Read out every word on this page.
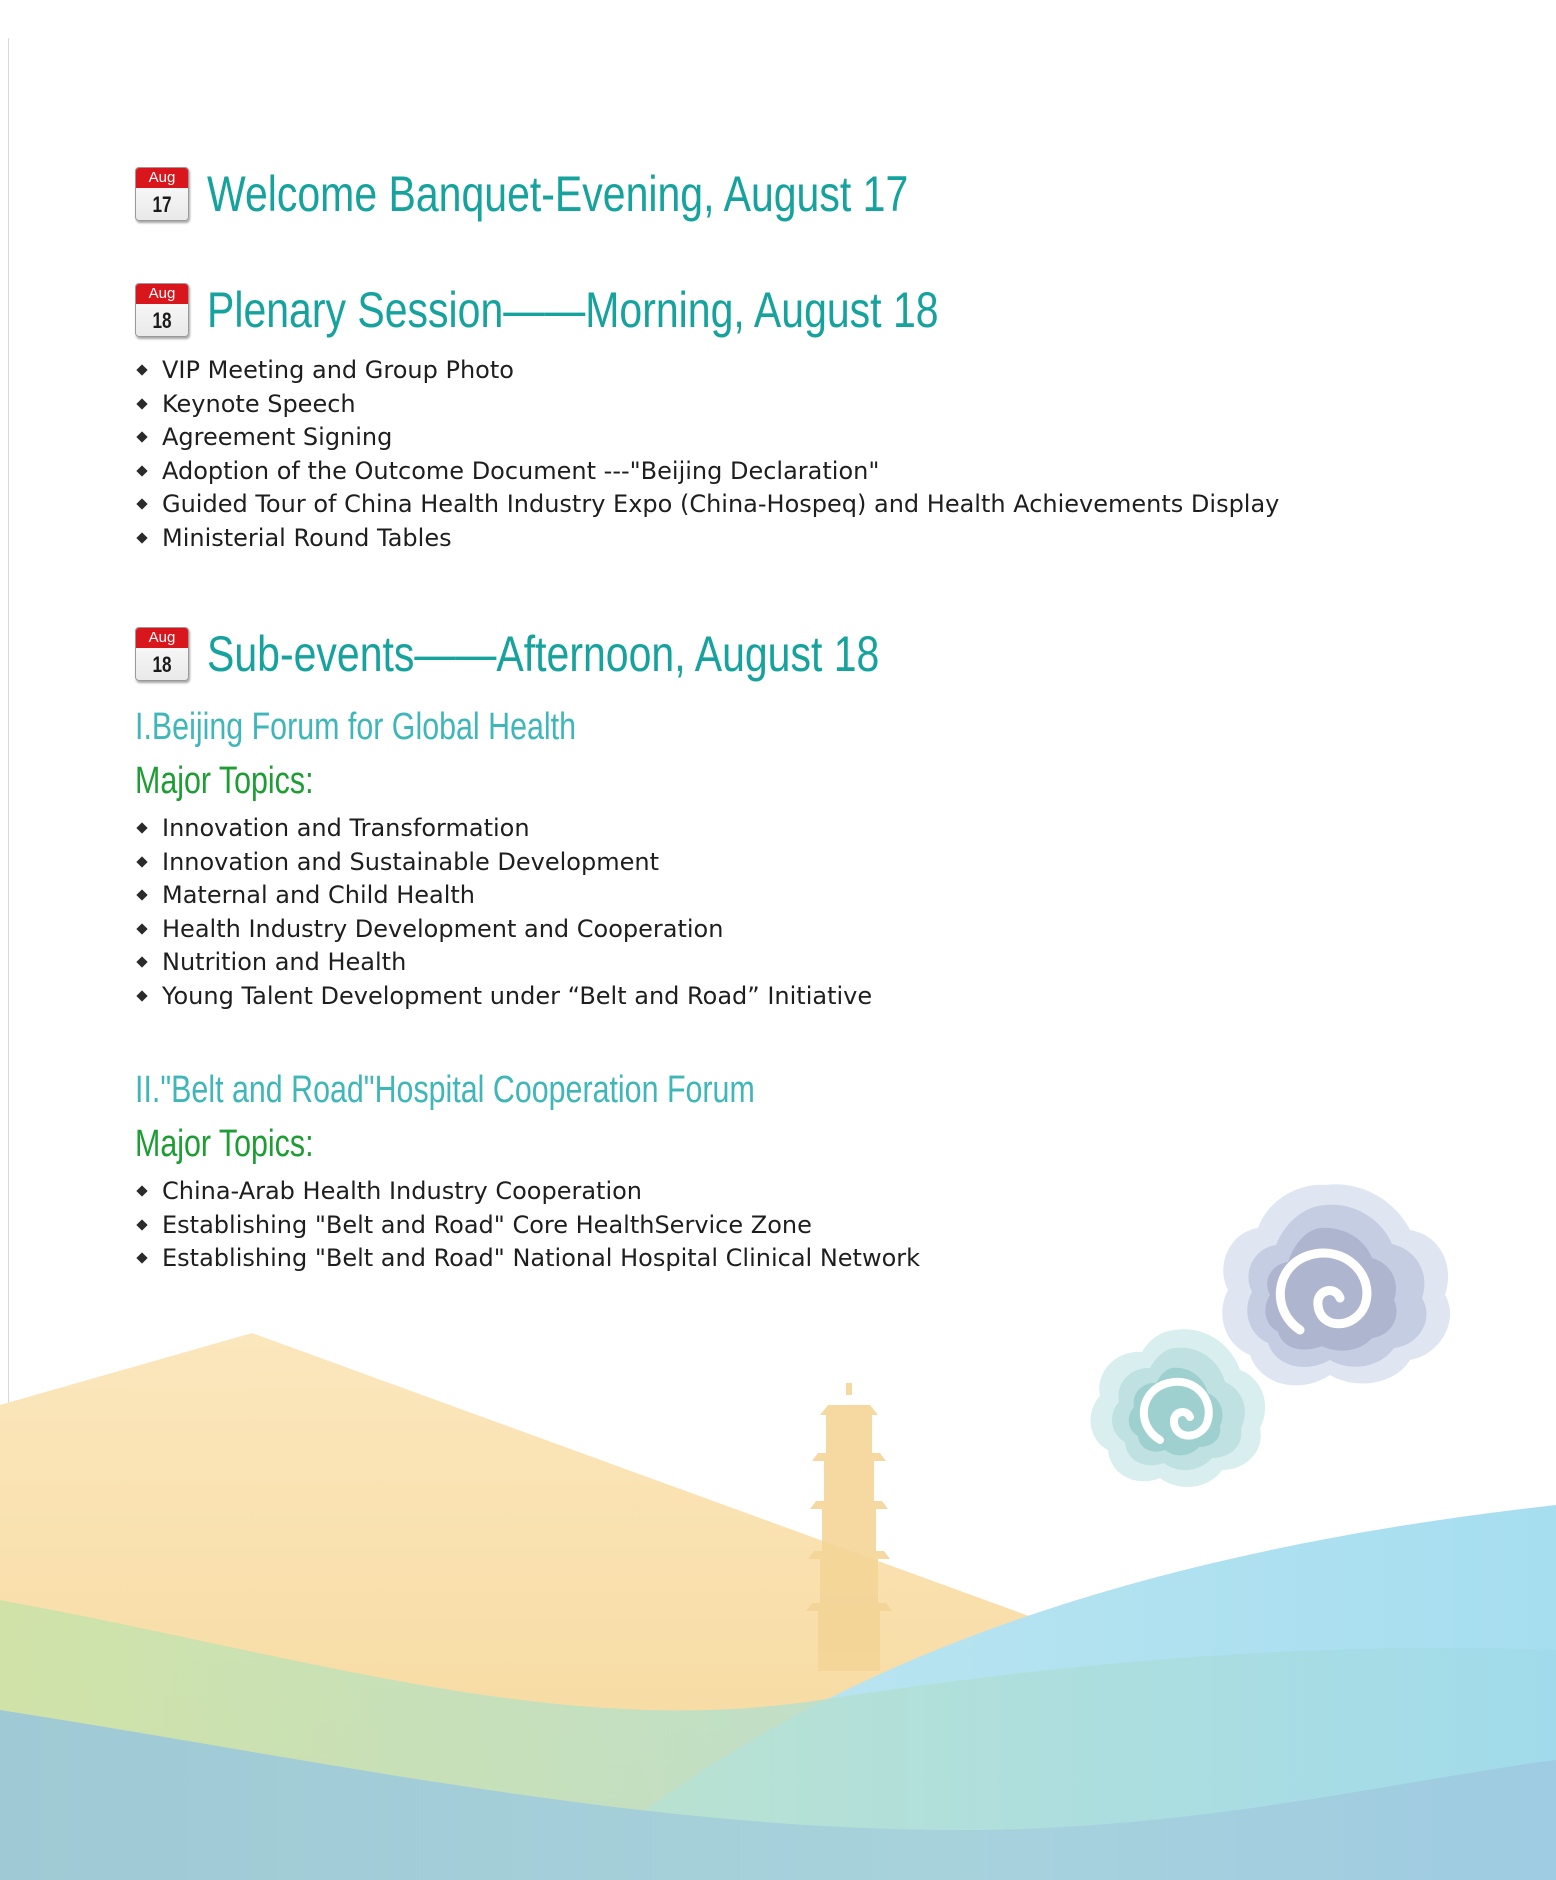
Aug
17 Welcome Banquet-Evening, August 17
Aug
18 Plenary Session——Morning, August 18
VIP Meeting and Group Photo
Keynote Speech
Agreement Signing
Adoption of the Outcome Document ---"Beijing Declaration"
Guided Tour of China Health Industry Expo (China-Hospeq) and Health Achievements Display
Ministerial Round Tables
Aug
18 Sub-events——Afternoon, August 18
I.Beijing Forum for Global Health
Major Topics:
Innovation and Transformation
Innovation and Sustainable Development
Maternal and Child Health
Health Industry Development and Cooperation
Nutrition and Health
Young Talent Development under “Belt and Road” Initiative
II."Belt and Road"Hospital Cooperation Forum
Major Topics:
China-Arab Health Industry Cooperation
Establishing "Belt and Road" Core HealthService Zone
Establishing "Belt and Road" National Hospital Clinical Network
